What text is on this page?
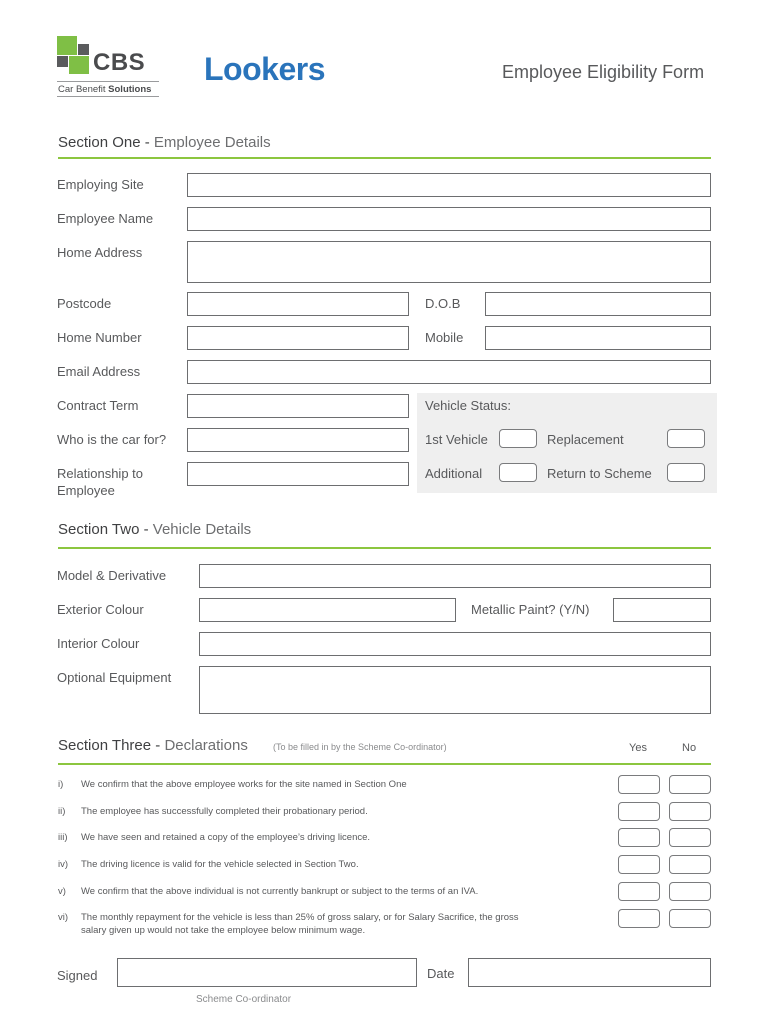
CBS
Car Benefit Solutions
Lookers	Employee Eligibility Form
Section One - Employee Details
Employing Site
Employee Name
Home Address
Postcode	D.O.B
Home Number	Mobile
Email Address
Contract Term
Who is the car for?
Relationship to
Employee
Vehicle Status:
1st Vehicle	Replacement
Additional	Return to Scheme
Section Two - Vehicle Details
Model & Derivative
Exterior Colour	Metallic Paint? (Y/N)
Interior Colour
Optional Equipment
Section Three - Declarations	(To be filled in by the Scheme Co-ordinator)	Yes	No
i) We confirm that the above employee works for the site named in Section One
ii) The employee has successfully completed their probationary period.
iii) We have seen and retained a copy of the employee’s driving licence.
iv) The driving licence is valid for the vehicle selected in Section Two.
v) We confirm that the above individual is not currently bankrupt or subject to the terms of an IVA.
vi) The monthly repayment for the vehicle is less than 25% of gross salary, or for Salary Sacrifice, the gross
salary given up would not take the employee below minimum wage.
Signed	Date
Scheme Co-ordinator
